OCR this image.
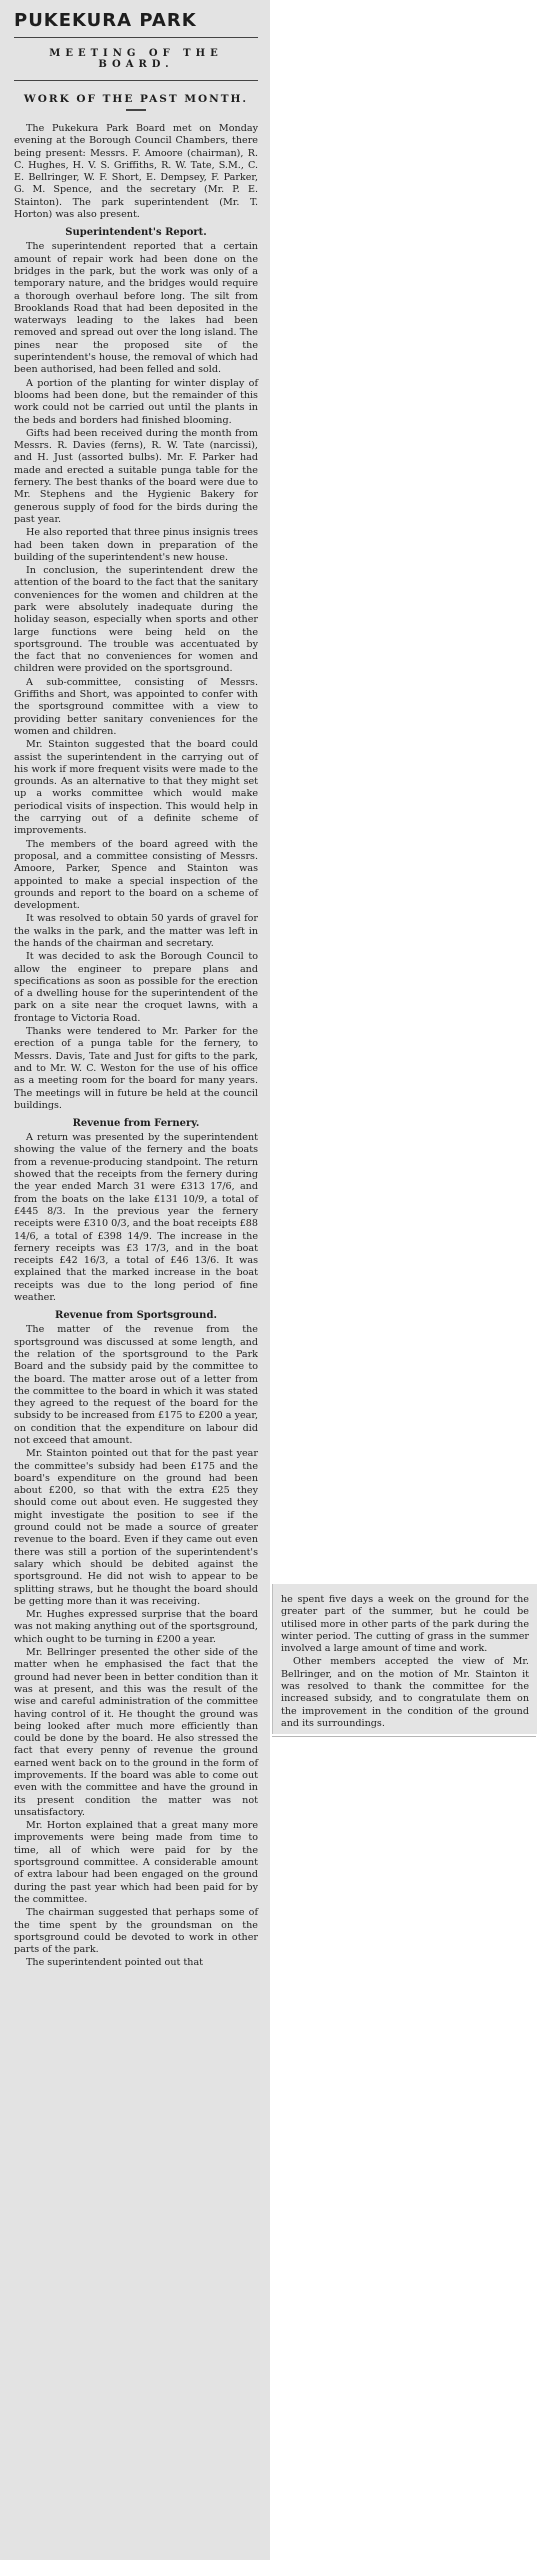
PUKEKURA PARK
MEETING OF THE BOARD.
WORK OF THE PAST MONTH.

The Pukekura Park Board met on Monday evening at the Borough Council Chambers, there being present: Messrs. F. Amoore (chairman), R. C. Hughes, H. V. S. Griffiths, R. W. Tate, S.M., C. E. Bellringer, W. F. Short, E. Dempsey, F. Parker, G. M. Spence, and the secretary (Mr. P. E. Stainton). The park superintendent (Mr. T. Horton) was also present.

Superintendent's Report.

The superintendent reported that a certain amount of repair work had been done on the bridges in the park, but the work was only of a temporary nature, and the bridges would require a thorough overhaul before long. The silt from Brooklands Road that had been deposited in the waterways leading to the lakes had been removed and spread out over the long island. The pines near the proposed site of the superintendent's house, the removal of which had been authorised, had been felled and sold.

A portion of the planting for winter display of blooms had been done, but the remainder of this work could not be carried out until the plants in the beds and borders had finished blooming.

Gifts had been received during the month from Messrs. R. Davies (ferns), R. W. Tate (narcissi), and H. Just (assorted bulbs). Mr. F. Parker had made and erected a suitable punga table for the fernery. The best thanks of the board were due to Mr. Stephens and the Hygienic Bakery for generous supply of food for the birds during the past year.

He also reported that three pinus insignis trees had been taken down in preparation of the building of the superintendent's new house.

In conclusion, the superintendent drew the attention of the board to the fact that the sanitary conveniences for the women and children at the park were absolutely inadequate during the holiday season, especially when sports and other large functions were being held on the sportsground. The trouble was accentuated by the fact that no conveniences for women and children were provided on the sportsground.

A sub-committee, consisting of Messrs. Griffiths and Short, was appointed to confer with the sportsground committee with a view to providing better sanitary conveniences for the women and children.

Mr. Stainton suggested that the board could assist the superintendent in the carrying out of his work if more frequent visits were made to the grounds. As an alternative to that they might set up a works committee which would make periodical visits of inspection. This would help in the carrying out of a definite scheme of improvements.

The members of the board agreed with the proposal, and a committee consisting of Messrs. Amoore, Parker, Spence and Stainton was appointed to make a special inspection of the grounds and report to the board on a scheme of development.

It was resolved to obtain 50 yards of gravel for the walks in the park, and the matter was left in the hands of the chairman and secretary.

It was decided to ask the Borough Council to allow the engineer to prepare plans and specifications as soon as possible for the erection of a dwelling house for the superintendent of the park on a site near the croquet lawns, with a frontage to Victoria Road.

Thanks were tendered to Mr. Parker for the erection of a punga table for the fernery, to Messrs. Davis, Tate and Just for gifts to the park, and to Mr. W. C. Weston for the use of his office as a meeting room for the board for many years. The meetings will in future be held at the council buildings.

Revenue from Fernery.

A return was presented by the superintendent showing the value of the fernery and the boats from a revenue-producing standpoint. The return showed that the receipts from the fernery during the year ended March 31 were £313 17/6, and from the boats on the lake £131 10/9, a total of £445 8/3. In the previous year the fernery receipts were £310 0/3, and the boat receipts £88 14/6, a total of £398 14/9. The increase in the fernery receipts was £3 17/3, and in the boat receipts £42 16/3, a total of £46 13/6. It was explained that the marked increase in the boat receipts was due to the long period of fine weather.

Revenue from Sportsground.

The matter of the revenue from the sportsground was discussed at some length, and the relation of the sportsground to the Park Board and the subsidy paid by the committee to the board. The matter arose out of a letter from the committee to the board in which it was stated they agreed to the request of the board for the subsidy to be increased from £175 to £200 a year, on condition that the expenditure on labour did not exceed that amount.

Mr. Stainton pointed out that for the past year the committee's subsidy had been £175 and the board's expenditure on the ground had been about £200, so that with the extra £25 they should come out about even. He suggested they might investigate the position to see if the ground could not be made a source of greater revenue to the board. Even if they came out even there was still a portion of the superintendent's salary which should be debited against the sportsground. He did not wish to appear to be splitting straws, but he thought the board should be getting more than it was receiving.

Mr. Hughes expressed surprise that the board was not making anything out of the sportsground, which ought to be turning in £200 a year.

Mr. Bellringer presented the other side of the matter when he emphasised the fact that the ground had never been in better condition than it was at present, and this was the result of the wise and careful administration of the committee having control of it. He thought the ground was being looked after much more efficiently than could be done by the board. He also stressed the fact that every penny of revenue the ground earned went back on to the ground in the form of improvements. If the board was able to come out even with the committee and have the ground in its present condition the matter was not unsatisfactory.

Mr. Horton explained that a great many more improvements were being made from time to time, all of which were paid for by the sportsground committee. A considerable amount of extra labour had been engaged on the ground during the past year which had been paid for by the committee.

The chairman suggested that perhaps some of the time spent by the groundsman on the sportsground could be devoted to work in other parts of the park.

The superintendent pointed out that

he spent five days a week on the ground for the greater part of the summer, but he could be utilised more in other parts of the park during the winter period. The cutting of grass in the summer involved a large amount of time and work.

Other members accepted the view of Mr. Bellringer, and on the motion of Mr. Stainton it was resolved to thank the committee for the increased subsidy, and to congratulate them on the improvement in the condition of the ground and its surroundings.
